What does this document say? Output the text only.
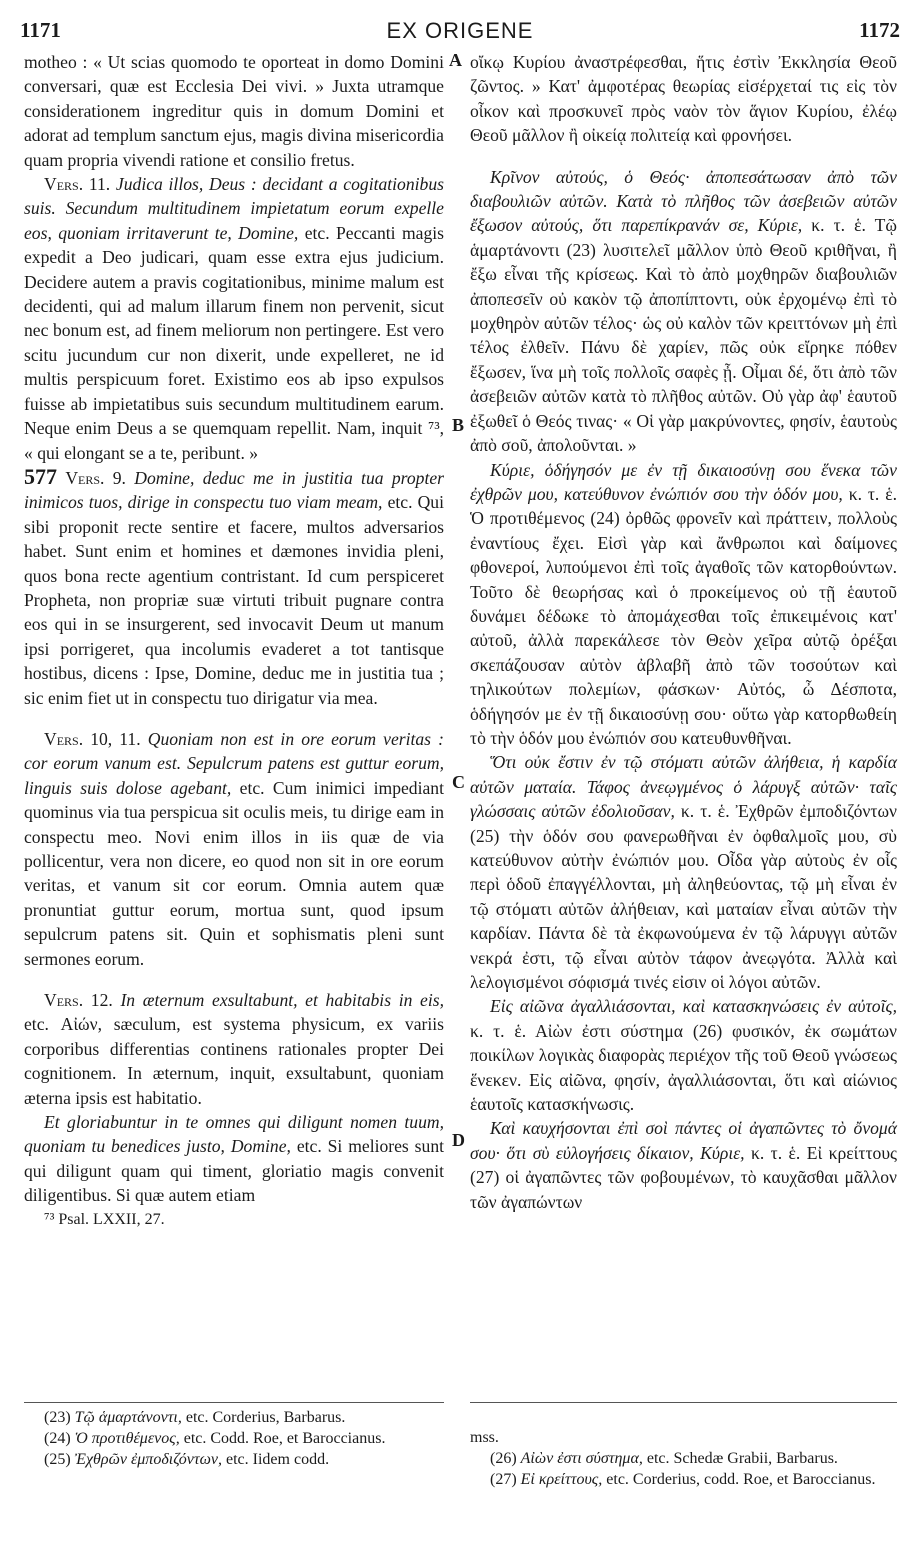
1171	EX ORIGENE	1172
A
B
C
D

motheo : « Ut scias quomodo te oporteat in domo Domini conversari, quæ est Ecclesia Dei vivi. » Juxta utramque considerationem ingreditur quis in domum Domini et adorat ad templum sanctum ejus, magis divina misericordia quam propria vivendi ratione et consilio fretus.

Vers. 11. Judica illos, Deus : decidant a cogitationibus suis. Secundum multitudinem impietatum eorum expelle eos, quoniam irritaverunt te, Domine, etc. Peccanti magis expedit a Deo judicari, quam esse extra ejus judicium. Decidere autem a pravis cogitationibus, minime malum est decidenti, qui ad malum illarum finem non pervenit, sicut nec bonum est, ad finem meliorum non pertingere. Est vero scitu jucundum cur non dixerit, unde expelleret, ne id multis perspicuum foret. Existimo eos ab ipso expulsos fuisse ab impietatibus suis secundum multitudinem earum. Neque enim Deus a se quemquam repellit. Nam, inquit ⁷³, « qui elongant se a te, peribunt. »

577 Vers. 9. Domine, deduc me in justitia tua propter inimicos tuos, dirige in conspectu tuo viam meam, etc. Qui sibi proponit recte sentire et facere, multos adversarios habet. Sunt enim et homines et dæmones invidia pleni, quos bona recte agentium contristant. Id cum perspiceret Propheta, non propriæ suæ virtuti tribuit pugnare contra eos qui in se insurgerent, sed invocavit Deum ut manum ipsi porrigeret, qua incolumis evaderet a tot tantisque hostibus, dicens : Ipse, Domine, deduc me in justitia tua ; sic enim fiet ut in conspectu tuo dirigatur via mea.

Vers. 10, 11. Quoniam non est in ore eorum veritas : cor eorum vanum est. Sepulcrum patens est guttur eorum, linguis suis dolose agebant, etc. Cum inimici impediant quominus via tua perspicua sit oculis meis, tu dirige eam in conspectu meo. Novi enim illos in iis quæ de via pollicentur, vera non dicere, eo quod non sit in ore eorum veritas, et vanum sit cor eorum. Omnia autem quæ pronuntiat guttur eorum, mortua sunt, quod ipsum sepulcrum patens sit. Quin et sophismatis pleni sunt sermones eorum.

Vers. 12. In æternum exsultabunt, et habitabis in eis, etc. Αἰών, sæculum, est systema physicum, ex variis corporibus differentias continens rationales propter Dei cognitionem. In æternum, inquit, exsultabunt, quoniam æterna ipsis est habitatio.

Et gloriabuntur in te omnes qui diligunt nomen tuum, quoniam tu benedices justo, Domine, etc. Si meliores sunt qui diligunt quam qui timent, gloriatio magis convenit diligentibus. Si quæ autem etiam

⁷³ Psal. LXXII, 27.

οἴκῳ Κυρίου ἀναστρέφεσθαι, ἥτις ἐστὶν Ἐκκλησία Θεοῦ ζῶντος. » Κατ' ἀμφοτέρας θεωρίας εἰσέρχεταί τις εἰς τὸν οἶκον καὶ προσκυνεῖ πρὸς ναὸν τὸν ἅγιον Κυρίου, ἐλέῳ Θεοῦ μᾶλλον ἢ οἰκείᾳ πολιτείᾳ καὶ φρονήσει.

Κρῖνον αὐτούς, ὁ Θεός· ἀποπεσάτωσαν ἀπὸ τῶν διαβουλιῶν αὐτῶν. Κατὰ τὸ πλῆθος τῶν ἀσεβειῶν αὐτῶν ἔξωσον αὐτούς, ὅτι παρεπίκρανάν σε, Κύριε, κ. τ. ἑ. Τῷ ἁμαρτάνοντι (23) λυσιτελεῖ μᾶλλον ὑπὸ Θεοῦ κριθῆναι, ἢ ἔξω εἶναι τῆς κρίσεως. Καὶ τὸ ἀπὸ μοχθηρῶν διαβουλιῶν ἀποπεσεῖν οὐ κακὸν τῷ ἀποπίπτοντι, οὐκ ἐρχομένῳ ἐπὶ τὸ μοχθηρὸν αὐτῶν τέλος· ὡς οὐ καλὸν τῶν κρειττόνων μὴ ἐπὶ τέλος ἐλθεῖν. Πάνυ δὲ χαρίεν, πῶς οὐκ εἴρηκε πόθεν ἔξωσεν, ἵνα μὴ τοῖς πολλοῖς σαφὲς ᾖ. Οἶμαι δέ, ὅτι ἀπὸ τῶν ἀσεβειῶν αὐτῶν κατὰ τὸ πλῆθος αὐτῶν. Οὐ γὰρ ἀφ' ἑαυτοῦ ἐξωθεῖ ὁ Θεός τινας· « Οἱ γὰρ μακρύνοντες, φησίν, ἑαυτοὺς ἀπὸ σοῦ, ἀπολοῦνται. »

Κύριε, ὁδήγησόν με ἐν τῇ δικαιοσύνῃ σου ἕνεκα τῶν ἐχθρῶν μου, κατεύθυνον ἐνώπιόν σου τὴν ὁδόν μου, κ. τ. ἑ. Ὁ προτιθέμενος (24) ὀρθῶς φρονεῖν καὶ πράττειν, πολλοὺς ἐναντίους ἔχει. Εἰσὶ γὰρ καὶ ἄνθρωποι καὶ δαίμονες φθονεροί, λυπούμενοι ἐπὶ τοῖς ἀγαθοῖς τῶν κατορθούντων. Τοῦτο δὲ θεωρήσας καὶ ὁ προκείμενος οὐ τῇ ἑαυτοῦ δυνάμει δέδωκε τὸ ἀπομάχεσθαι τοῖς ἐπικειμένοις κατ' αὐτοῦ, ἀλλὰ παρεκάλεσε τὸν Θεὸν χεῖρα αὐτῷ ὀρέξαι σκεπάζουσαν αὐτὸν ἀβλαβῆ ἀπὸ τῶν τοσούτων καὶ τηλικούτων πολεμίων, φάσκων· Αὐτός, ὦ Δέσποτα, ὁδήγησόν με ἐν τῇ δικαιοσύνῃ σου· οὕτω γὰρ κατορθωθείη τὸ τὴν ὁδόν μου ἐνώπιόν σου κατευθυνθῆναι.

Ὅτι οὐκ ἔστιν ἐν τῷ στόματι αὐτῶν ἀλήθεια, ἡ καρδία αὐτῶν ματαία. Τάφος ἀνεῳγμένος ὁ λάρυγξ αὐτῶν· ταῖς γλώσσαις αὐτῶν ἐδολιοῦσαν, κ. τ. ἑ. Ἐχθρῶν ἐμποδιζόντων (25) τὴν ὁδόν σου φανερωθῆναι ἐν ὀφθαλμοῖς μου, σὺ κατεύθυνον αὐτὴν ἐνώπιόν μου. Οἶδα γὰρ αὐτοὺς ἐν οἷς περὶ ὁδοῦ ἐπαγγέλλονται, μὴ ἀληθεύοντας, τῷ μὴ εἶναι ἐν τῷ στόματι αὐτῶν ἀλήθειαν, καὶ ματαίαν εἶναι αὐτῶν τὴν καρδίαν. Πάντα δὲ τὰ ἐκφωνούμενα ἐν τῷ λάρυγγι αὐτῶν νεκρά ἐστι, τῷ εἶναι αὐτὸν τάφον ἀνεῳγότα. Ἀλλὰ καὶ λελογισμένοι σόφισμά τινές εἰσιν οἱ λόγοι αὐτῶν.

Εἰς αἰῶνα ἀγαλλιάσονται, καὶ κατασκηνώσεις ἐν αὐτοῖς, κ. τ. ἑ. Αἰὼν ἐστι σύστημα (26) φυσικόν, ἐκ σωμάτων ποικίλων λογικὰς διαφορὰς περιέχον τῆς τοῦ Θεοῦ γνώσεως ἕνεκεν. Εἰς αἰῶνα, φησίν, ἀγαλλιάσονται, ὅτι καὶ αἰώνιος ἑαυτοῖς κατασκήνωσις.

Καὶ καυχήσονται ἐπὶ σοὶ πάντες οἱ ἀγαπῶντες τὸ ὄνομά σου· ὅτι σὺ εὐλογήσεις δίκαιον, Κύριε, κ. τ. ἑ. Εἰ κρείττους (27) οἱ ἀγαπῶντες τῶν φοβουμένων, τὸ καυχᾶσθαι μᾶλλον τῶν ἀγαπώντων

(23) Τῷ ἁμαρτάνοντι, etc. Corderius, Barbarus.

(24) Ὁ προτιθέμενος, etc. Codd. Roe, et Baroccianus.

(25) Ἐχθρῶν ἐμποδιζόντων, etc. Iidem codd.

mss.

(26) Αἰὼν ἐστι σύστημα, etc. Schedæ Grabii, Barbarus.

(27) Εἰ κρείττους, etc. Corderius, codd. Roe, et Baroccianus.
